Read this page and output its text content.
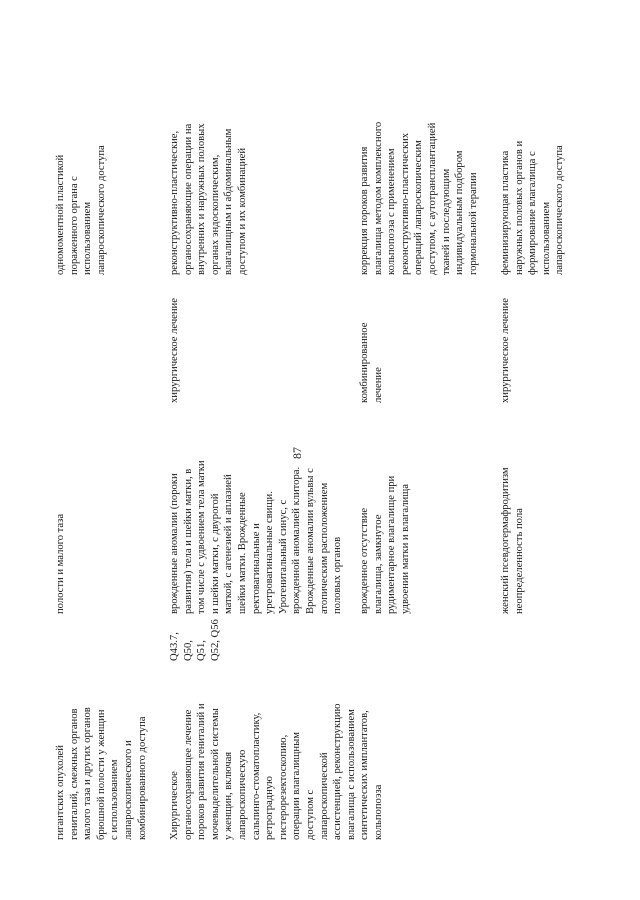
87

гигантских опухолей
гениталий, смежных органов
малого таза и других органов
брюшной полости у женщин
с использованием
лапароскопического и
комбинированного доступа

полости и малого таза

одномоментной пластикой
пораженного органа с
использованием
лапароскопического доступа

Хирургическое
органосохраняющее лечение
пороков развития гениталий и
мочевыделительной системы
у женщин, включая
лапароскопическую
сальпинго-стоматопластику,
ретроградную
гистерорезектоскопию,
операции влагалищным
доступом с
лапароскопической
ассистенцией, реконструкцию
влагалища с использованием
синтетических имплантатов,
кольпопоэза

Q43.7,
Q50,
Q51,
Q52, Q56

врожденные аномалии (пороки
развития) тела и шейки матки, в
том числе с удвоением тела матки
и шейки матки, с двурогой
маткой, с агенезией и аплазией
шейки матки. Врожденные
ректовагинальные и
уретровагинальные свищи.
Урогенитальный синус, с
врожденной аномалией клитора.
Врожденные аномалии вульвы с
атопическим расположением
половых органов

хирургическое лечение

реконструктивно-пластические,
органосохраняющие операции на
внутренних и наружных половых
органах эндоскопическим,
влагалищным и абдоминальным
доступом и их комбинацией

врожденное отсутствие
влагалища, замкнутое
рудиментарное влагалище при
удвоении матки и влагалища

комбинированное
лечение

коррекция пороков развития
влагалища методом комплексного
кольпопоэза с применением
реконструктивно-пластических
операций лапароскопическим
доступом, с аутотрансплантацией
тканей и последующим
индивидуальным подбором
гормональной терапии

женский псевдогермафродитизм
неопределенность пола

хирургическое лечение

феминизирующая пластика
наружных половых органов и
формирование влагалища с
использованием
лапароскопического доступа
